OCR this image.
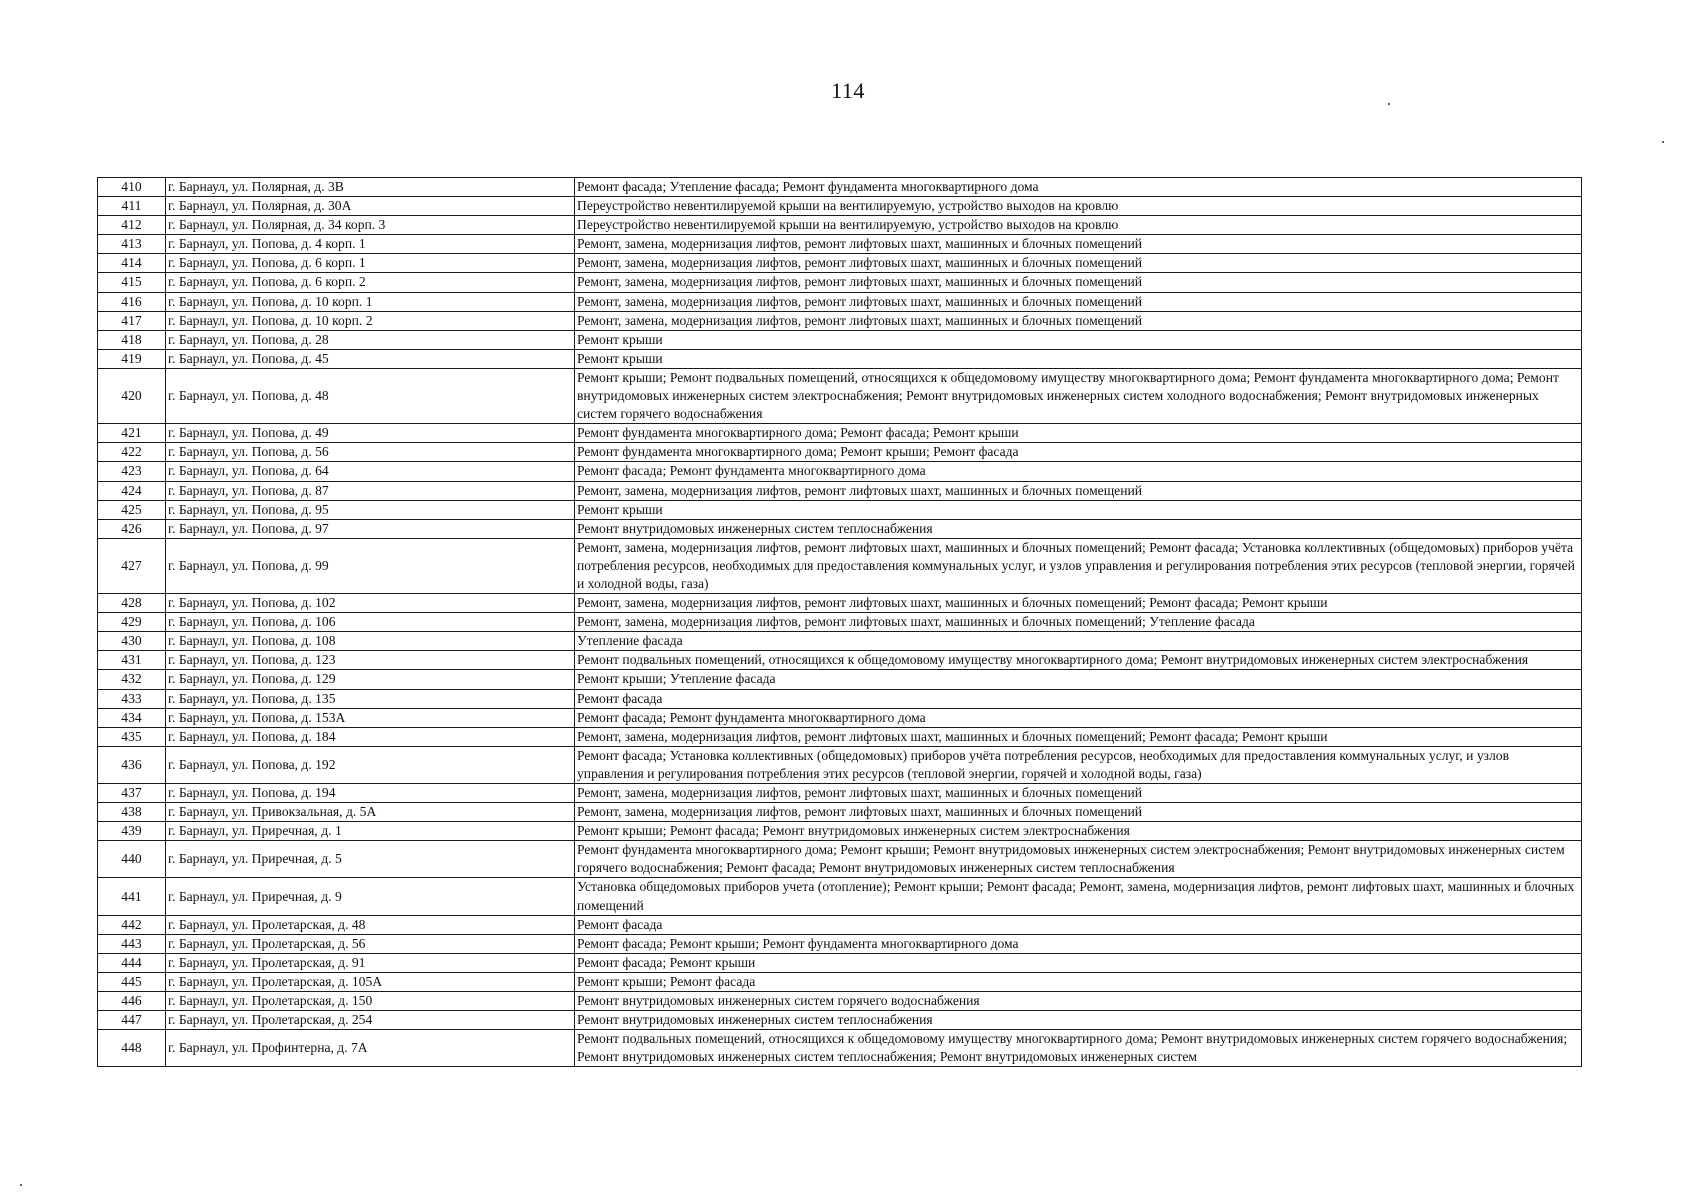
114
410	г. Барнаул, ул. Полярная, д. 3В	Ремонт фасада; Утепление фасада; Ремонт фундамента многоквартирного дома
411	г. Барнаул, ул. Полярная, д. 30А	Переустройство невентилируемой крыши на вентилируемую, устройство выходов на кровлю
412	г. Барнаул, ул. Полярная, д. 34 корп. 3	Переустройство невентилируемой крыши на вентилируемую, устройство выходов на кровлю
413	г. Барнаул, ул. Попова, д. 4 корп. 1	Ремонт, замена, модернизация лифтов, ремонт лифтовых шахт, машинных и блочных помещений
414	г. Барнаул, ул. Попова, д. 6 корп. 1	Ремонт, замена, модернизация лифтов, ремонт лифтовых шахт, машинных и блочных помещений
415	г. Барнаул, ул. Попова, д. 6 корп. 2	Ремонт, замена, модернизация лифтов, ремонт лифтовых шахт, машинных и блочных помещений
416	г. Барнаул, ул. Попова, д. 10 корп. 1	Ремонт, замена, модернизация лифтов, ремонт лифтовых шахт, машинных и блочных помещений
417	г. Барнаул, ул. Попова, д. 10 корп. 2	Ремонт, замена, модернизация лифтов, ремонт лифтовых шахт, машинных и блочных помещений
418	г. Барнаул, ул. Попова, д. 28	Ремонт крыши
419	г. Барнаул, ул. Попова, д. 45	Ремонт крыши
420	г. Барнаул, ул. Попова, д. 48	Ремонт крыши; Ремонт подвальных помещений, относящихся к общедомовому имуществу многоквартирного дома; Ремонт фундамента многоквартирного дома; Ремонт внутридомовых инженерных систем электроснабжения; Ремонт внутридомовых инженерных систем холодного водоснабжения; Ремонт внутридомовых инженерных систем горячего водоснабжения
421	г. Барнаул, ул. Попова, д. 49	Ремонт фундамента многоквартирного дома; Ремонт фасада; Ремонт крыши
422	г. Барнаул, ул. Попова, д. 56	Ремонт фундамента многоквартирного дома; Ремонт крыши; Ремонт фасада
423	г. Барнаул, ул. Попова, д. 64	Ремонт фасада; Ремонт фундамента многоквартирного дома
424	г. Барнаул, ул. Попова, д. 87	Ремонт, замена, модернизация лифтов, ремонт лифтовых шахт, машинных и блочных помещений
425	г. Барнаул, ул. Попова, д. 95	Ремонт крыши
426	г. Барнаул, ул. Попова, д. 97	Ремонт внутридомовых инженерных систем теплоснабжения
427	г. Барнаул, ул. Попова, д. 99	Ремонт, замена, модернизация лифтов, ремонт лифтовых шахт, машинных и блочных помещений; Ремонт фасада; Установка коллективных (общедомовых) приборов учёта потребления ресурсов, необходимых для предоставления коммунальных услуг, и узлов управления и регулирования потребления этих ресурсов (тепловой энергии, горячей и холодной воды, газа)
428	г. Барнаул, ул. Попова, д. 102	Ремонт, замена, модернизация лифтов, ремонт лифтовых шахт, машинных и блочных помещений; Ремонт фасада; Ремонт крыши
429	г. Барнаул, ул. Попова, д. 106	Ремонт, замена, модернизация лифтов, ремонт лифтовых шахт, машинных и блочных помещений; Утепление фасада
430	г. Барнаул, ул. Попова, д. 108	Утепление фасада
431	г. Барнаул, ул. Попова, д. 123	Ремонт подвальных помещений, относящихся к общедомовому имуществу многоквартирного дома; Ремонт внутридомовых инженерных систем электроснабжения
432	г. Барнаул, ул. Попова, д. 129	Ремонт крыши; Утепление фасада
433	г. Барнаул, ул. Попова, д. 135	Ремонт фасада
434	г. Барнаул, ул. Попова, д. 153А	Ремонт фасада; Ремонт фундамента многоквартирного дома
435	г. Барнаул, ул. Попова, д. 184	Ремонт, замена, модернизация лифтов, ремонт лифтовых шахт, машинных и блочных помещений; Ремонт фасада; Ремонт крыши
436	г. Барнаул, ул. Попова, д. 192	Ремонт фасада; Установка коллективных (общедомовых) приборов учёта потребления ресурсов, необходимых для предоставления коммунальных услуг, и узлов управления и регулирования потребления этих ресурсов (тепловой энергии, горячей и холодной воды, газа)
437	г. Барнаул, ул. Попова, д. 194	Ремонт, замена, модернизация лифтов, ремонт лифтовых шахт, машинных и блочных помещений
438	г. Барнаул, ул. Привокзальная, д. 5А	Ремонт, замена, модернизация лифтов, ремонт лифтовых шахт, машинных и блочных помещений
439	г. Барнаул, ул. Приречная, д. 1	Ремонт крыши; Ремонт фасада; Ремонт внутридомовых инженерных систем электроснабжения
440	г. Барнаул, ул. Приречная, д. 5	Ремонт фундамента многоквартирного дома; Ремонт крыши; Ремонт внутридомовых инженерных систем электроснабжения; Ремонт внутридомовых инженерных систем горячего водоснабжения; Ремонт фасада; Ремонт внутридомовых инженерных систем теплоснабжения
441	г. Барнаул, ул. Приречная, д. 9	Установка общедомовых приборов учета (отопление); Ремонт крыши; Ремонт фасада; Ремонт, замена, модернизация лифтов, ремонт лифтовых шахт, машинных и блочных помещений
442	г. Барнаул, ул. Пролетарская, д. 48	Ремонт фасада
443	г. Барнаул, ул. Пролетарская, д. 56	Ремонт фасада; Ремонт крыши; Ремонт фундамента многоквартирного дома
444	г. Барнаул, ул. Пролетарская, д. 91	Ремонт фасада; Ремонт крыши
445	г. Барнаул, ул. Пролетарская, д. 105А	Ремонт крыши; Ремонт фасада
446	г. Барнаул, ул. Пролетарская, д. 150	Ремонт внутридомовых инженерных систем горячего водоснабжения
447	г. Барнаул, ул. Пролетарская, д. 254	Ремонт внутридомовых инженерных систем теплоснабжения
448	г. Барнаул, ул. Профинтерна, д. 7А	Ремонт подвальных помещений, относящихся к общедомовому имуществу многоквартирного дома; Ремонт внутридомовых инженерных систем горячего водоснабжения; Ремонт внутридомовых инженерных систем теплоснабжения; Ремонт внутридомовых инженерных систем
